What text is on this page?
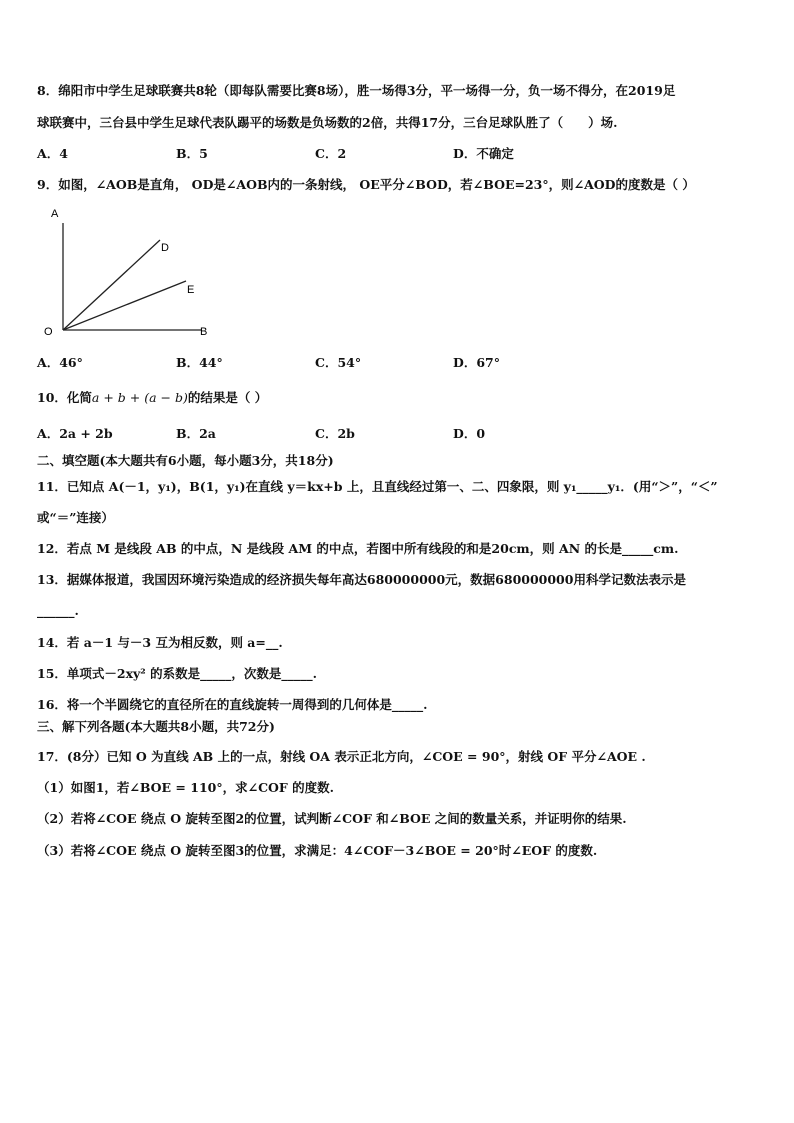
8．绵阳市中学生足球联赛共8轮（即每队需要比赛8场），胜一场得3分，平一场得一分，负一场不得分，在2019足
球联赛中，三台县中学生足球代表队踢平的场数是负场数的2倍，共得17分，三台足球队胜了（　　）场.
A．4	B．5	C．2	D．不确定
9．如图，∠AOB是直角， OD是∠AOB内的一条射线， OE平分∠BOD，若∠BOE=23°，则∠AOD的度数是（ ）
A
D
E
O	B
A．46°	B．44°	C．54°	D．67°
10．化简a + b + (a − b)的结果是（ ）
A．2a + 2b	B．2a	C．2b	D．0
二、填空题(本大题共有6小题，每小题3分，共18分)
11．已知点 A(－1，y₁)，B(1，y₁)在直线 y＝kx+b 上，且直线经过第一、二、四象限，则 y₁_____y₁．(用“＞”，“＜”
或“＝”连接）
12．若点 M 是线段 AB 的中点，N 是线段 AM 的中点，若图中所有线段的和是20cm，则 AN 的长是_____cm.
13．据媒体报道，我国因环境污染造成的经济损失每年高达680000000元，数据680000000用科学记数法表示是
______.
14．若 a－1 与－3 互为相反数，则 a=__.
15．单项式－2xy² 的系数是_____，次数是_____.
16．将一个半圆绕它的直径所在的直线旋转一周得到的几何体是_____.
三、解下列各题(本大题共8小题，共72分)
17．(8分）已知 O 为直线 AB 上的一点，射线 OA 表示正北方向，∠COE = 90°，射线 OF 平分∠AOE .
（1）如图1，若∠BOE = 110°，求∠COF 的度数.
（2）若将∠COE 绕点 O 旋转至图2的位置，试判断∠COF 和∠BOE 之间的数量关系，并证明你的结果.
（3）若将∠COE 绕点 O 旋转至图3的位置，求满足：4∠COF－3∠BOE = 20°时∠EOF 的度数.
